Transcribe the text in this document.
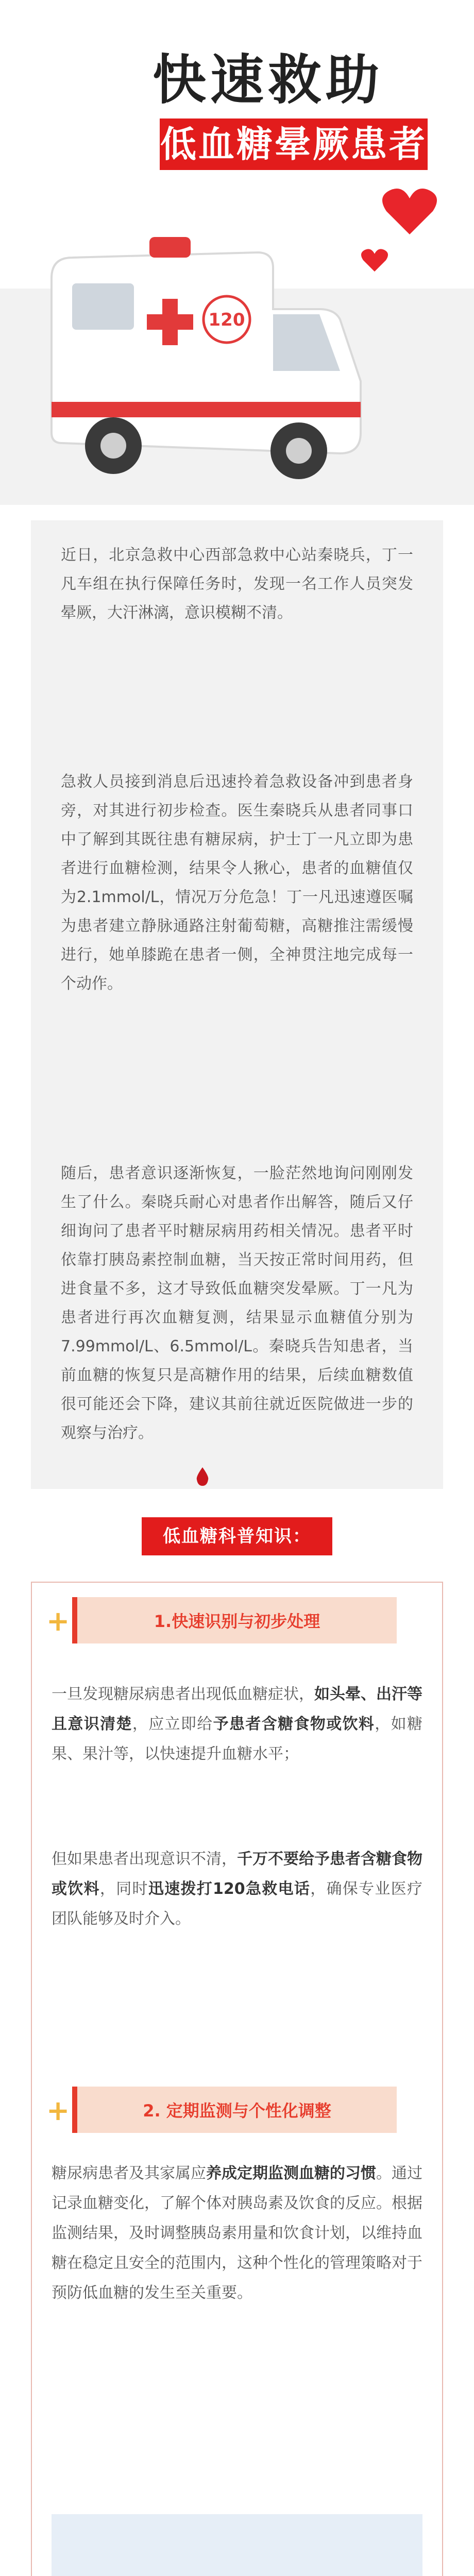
快速救助
低血糖晕厥患者
120

近日，北京急救中心西部急救中心站秦晓兵，丁一凡车组在执行保障任务时，发现一名工作人员突发晕厥，大汗淋漓，意识模糊不清。

急救人员接到消息后迅速拎着急救设备冲到患者身旁，对其进行初步检查。医生秦晓兵从患者同事口中了解到其既往患有糖尿病，护士丁一凡立即为患者进行血糖检测，结果令人揪心，患者的血糖值仅为2.1mmol/L，情况万分危急！丁一凡迅速遵医嘱为患者建立静脉通路注射葡萄糖，高糖推注需缓慢进行，她单膝跪在患者一侧，全神贯注地完成每一个动作。

随后，患者意识逐渐恢复，一脸茫然地询问刚刚发生了什么。秦晓兵耐心对患者作出解答，随后又仔细询问了患者平时糖尿病用药相关情况。患者平时依靠打胰岛素控制血糖，当天按正常时间用药，但进食量不多，这才导致低血糖突发晕厥。丁一凡为患者进行再次血糖复测，结果显示血糖值分别为7.99mmol/L、6.5mmol/L。秦晓兵告知患者，当前血糖的恢复只是高糖作用的结果，后续血糖数值很可能还会下降，建议其前往就近医院做进一步的观察与治疗。

低血糖科普知识：
+	1.快速识别与初步处理

一旦发现糖尿病患者出现低血糖症状，如头晕、出汗等且意识清楚，应立即给予患者含糖食物或饮料，如糖果、果汁等，以快速提升血糖水平；

但如果患者出现意识不清，千万不要给予患者含糖食物或饮料，同时迅速拨打120急救电话，确保专业医疗团队能够及时介入。

+	2. 定期监测与个性化调整

糖尿病患者及其家属应养成定期监测血糖的习惯。通过记录血糖变化，了解个体对胰岛素及饮食的反应。根据监测结果，及时调整胰岛素用量和饮食计划，以维持血糖在稳定且安全的范围内，这种个性化的管理策略对于预防低血糖的发生至关重要。
